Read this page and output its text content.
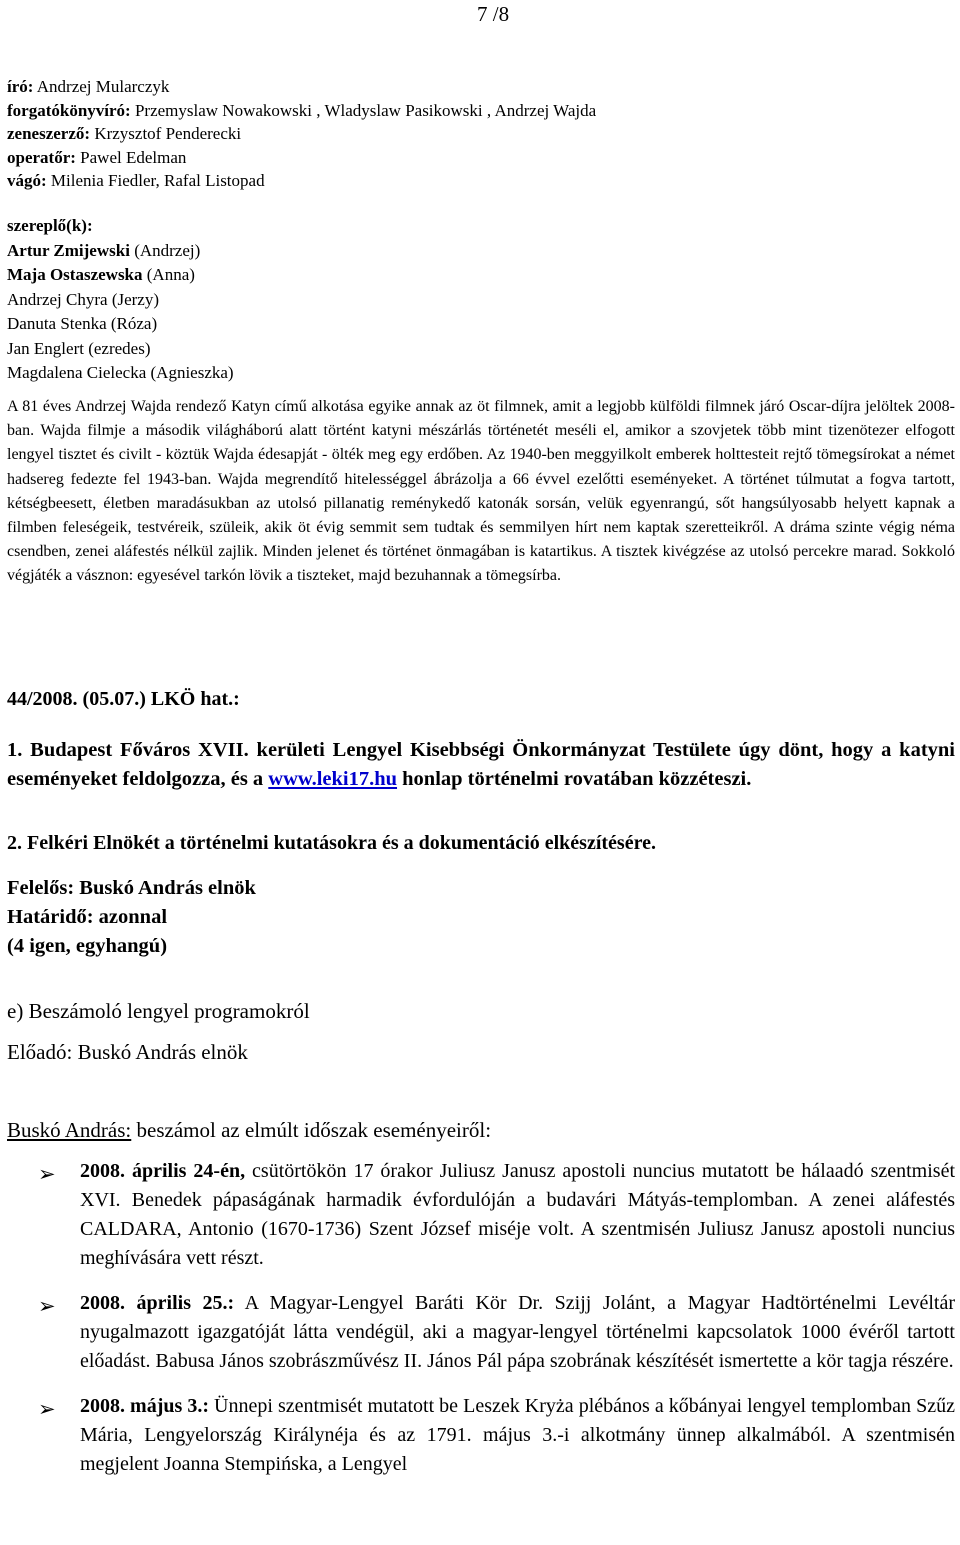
7 /8
író: Andrzej Mularczyk
forgatókönyvíró: Przemyslaw Nowakowski , Wladyslaw Pasikowski , Andrzej Wajda
zeneszerző: Krzysztof Penderecki
operatőr: Pawel Edelman
vágó: Milenia Fiedler, Rafal Listopad
szereplő(k):
Artur Zmijewski (Andrzej)
Maja Ostaszewska (Anna)
Andrzej Chyra (Jerzy)
Danuta Stenka (Róza)
Jan Englert (ezredes)
Magdalena Cielecka (Agnieszka)
A 81 éves Andrzej Wajda rendező Katyn című alkotása egyike annak az öt filmnek, amit a legjobb külföldi filmnek járó Oscar-díjra jelöltek 2008-ban. Wajda filmje a második világháború alatt történt katyni mészárlás történetét meséli el, amikor a szovjetek több mint tizenötezer elfogott lengyel tisztet és civilt - köztük Wajda édesapját - ölték meg egy erdőben. Az 1940-ben meggyilkolt emberek holttesteit rejtő tömegsírokat a német hadsereg fedezte fel 1943-ban. Wajda megrendítő hitelességgel ábrázolja a 66 évvel ezelőtti eseményeket. A történet túlmutat a fogva tartott, kétségbeesett, életben maradásukban az utolsó pillanatig reménykedő katonák sorsán, velük egyenrangú, sőt hangsúlyosabb helyett kapnak a filmben feleségeik, testvéreik, szüleik, akik öt évig semmit sem tudtak és semmilyen hírt nem kaptak szeretteikről. A dráma szinte végig néma csendben, zenei aláfestés nélkül zajlik. Minden jelenet és történet önmagában is katartikus. A tisztek kivégzése az utolsó percekre marad. Sokkoló végjáték a vásznon: egyesével tarkón lövik a tiszteket, majd bezuhannak a tömegsírba.
44/2008. (05.07.) LKÖ hat.:
1. Budapest Főváros XVII. kerületi Lengyel Kisebbségi Önkormányzat Testülete úgy dönt, hogy a katyni eseményeket feldolgozza, és a www.leki17.hu honlap történelmi rovatában közzéteszi.
2. Felkéri Elnökét a történelmi kutatásokra és a dokumentáció elkészítésére.
Felelős: Buskó András elnök
Határidő: azonnal
(4 igen, egyhangú)
e) Beszámoló lengyel programokról
Előadó: Buskó András elnök
Buskó András: beszámol az elmúlt időszak eseményeiről:
➢ 2008. április 24-én, csütörtökön 17 órakor Juliusz Janusz apostoli nuncius mutatott be hálaadó szentmisét XVI. Benedek pápaságának harmadik évfordulóján a budavári Mátyás-templomban. A zenei aláfestés CALDARA, Antonio (1670-1736) Szent József miséje volt. A szentmisén Juliusz Janusz apostoli nuncius meghívására vett részt.
➢ 2008. április 25.: A Magyar-Lengyel Baráti Kör Dr. Szijj Jolánt, a Magyar Hadtörténelmi Levéltár nyugalmazott igazgatóját látta vendégül, aki a magyar-lengyel történelmi kapcsolatok 1000 évéről tartott előadást. Babusa János szobrászművész II. János Pál pápa szobrának készítését ismertette a kör tagja részére.
➢ 2008. május 3.: Ünnepi szentmisét mutatott be Leszek Kryża plébános a kőbányai lengyel templomban Szűz Mária, Lengyelország Királynéja és az 1791. május 3.-i alkotmány ünnep alkalmából. A szentmisén megjelent Joanna Stempińska, a Lengyel
